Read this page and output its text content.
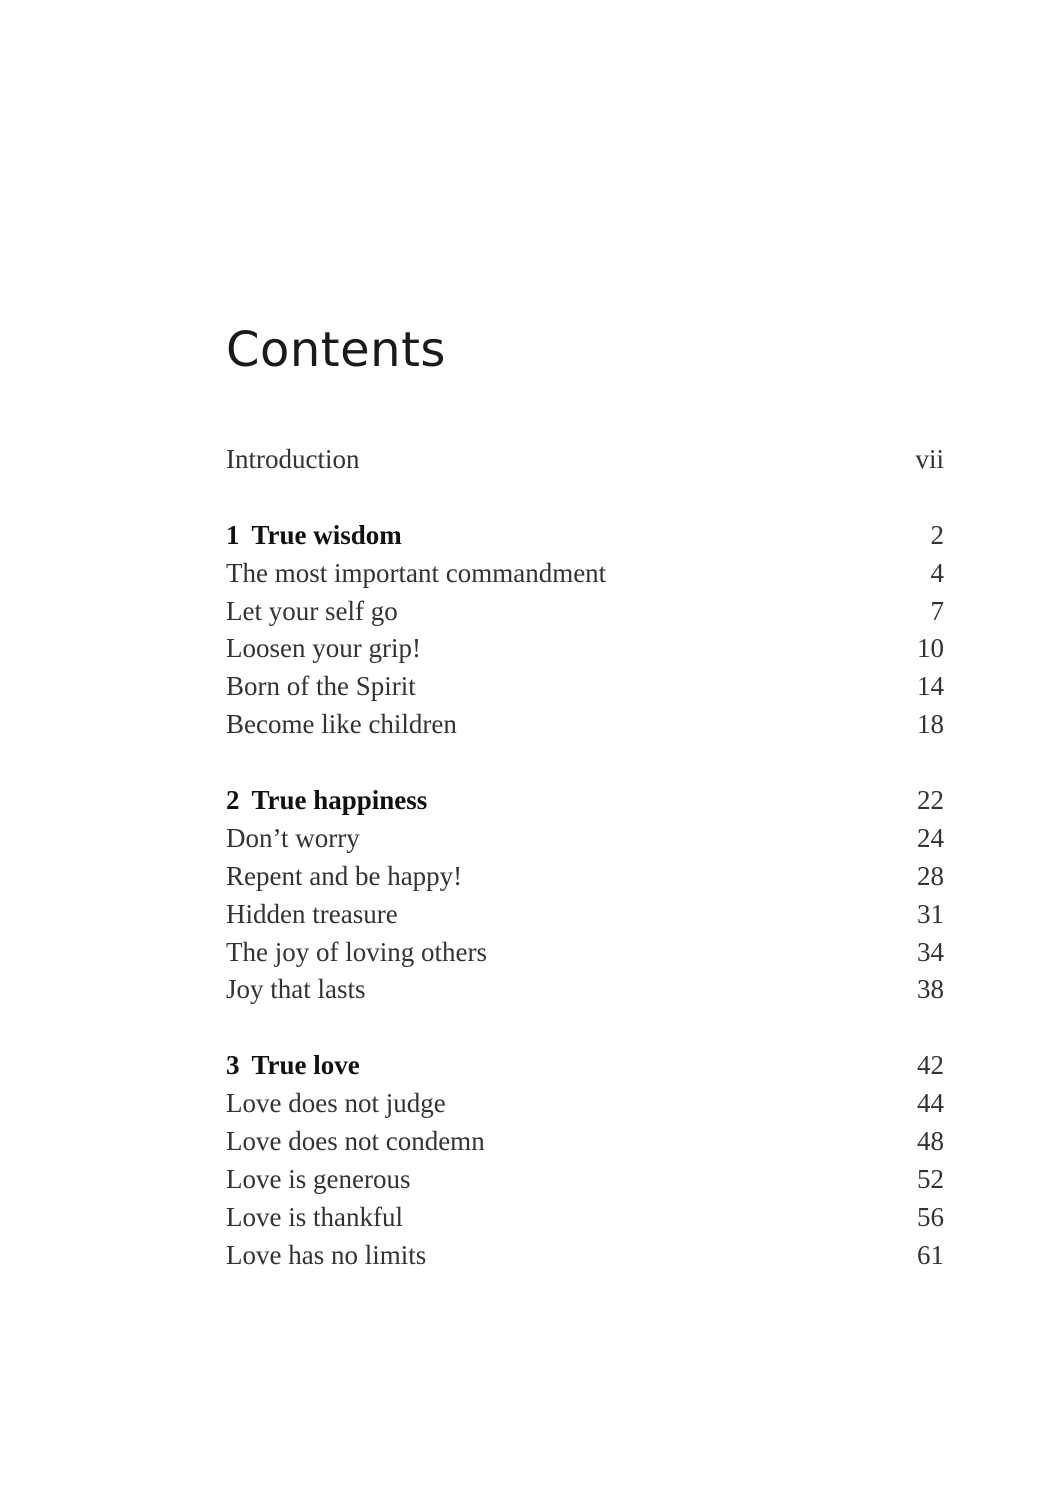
Contents
Introduction	vii
1 True wisdom	2
The most important commandment	4
Let your self go	7
Loosen your grip!	10
Born of the Spirit	14
Become like children	18
2 True happiness	22
Don’t worry	24
Repent and be happy!	28
Hidden treasure	31
The joy of loving others	34
Joy that lasts	38
3 True love	42
Love does not judge	44
Love does not condemn	48
Love is generous	52
Love is thankful	56
Love has no limits	61
